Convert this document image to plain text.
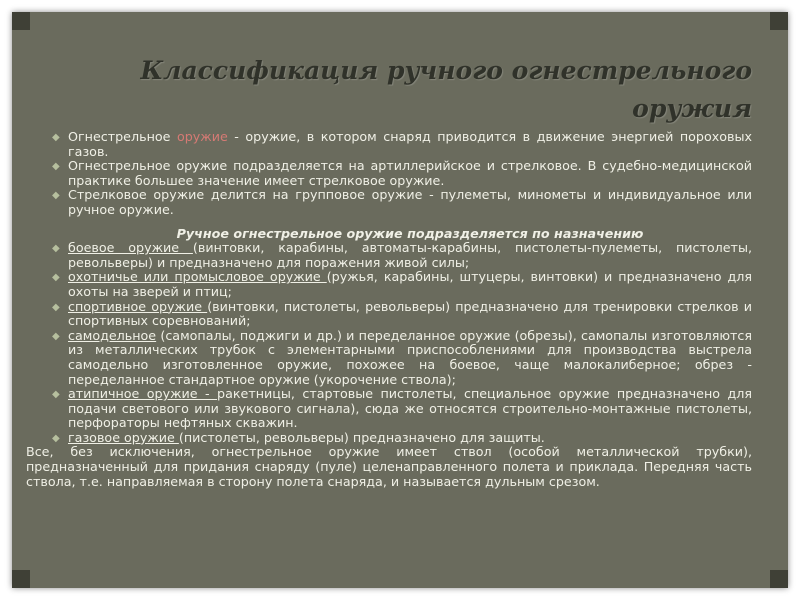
Классификация ручного огнестрельного оружия
◆ Огнестрельное оружие - оружие, в котором снаряд приводится в движение энергией пороховых газов.
◆ Огнестрельное оружие подразделяется на артиллерийское и стрелковое. В судебно-медицинской практике большее значение имеет стрелковое оружие.
◆ Стрелковое оружие делится на групповое оружие - пулеметы, минометы и индивидуальное или ручное оружие.
Ручное огнестрельное оружие подразделяется по назначению
◆ боевое оружие (винтовки, карабины, автоматы-карабины, пистолеты-пулеметы, пистолеты, револьверы) и предназначено для поражения живой силы;
◆ охотничье или промысловое оружие (ружья, карабины, штуцеры, винтовки) и предназначено для охоты на зверей и птиц;
◆ спортивное оружие (винтовки, пистолеты, револьверы) предназначено для тренировки стрелков и спортивных соревнований;
◆ самодельное (самопалы, поджиги и др.) и переделанное оружие (обрезы), самопалы изготовляются из металлических трубок с элементарными приспособлениями для производства выстрела самодельно изготовленное оружие, похожее на боевое, чаще малокалиберное; обрез - переделанное стандартное оружие (укорочение ствола);
◆ атипичное оружие - ракетницы, стартовые пистолеты, специальное оружие предназначено для подачи светового или звукового сигнала), сюда же относятся строительно-монтажные пистолеты, перфораторы нефтяных скважин.
◆ газовое оружие (пистолеты, револьверы) предназначено для защиты.
Все, без исключения, огнестрельное оружие имеет ствол (особой металлической трубки), предназначенный для придания снаряду (пуле) целенаправленного полета и приклада. Передняя часть ствола, т.е. направляемая в сторону полета снаряда, и называется дульным срезом.
